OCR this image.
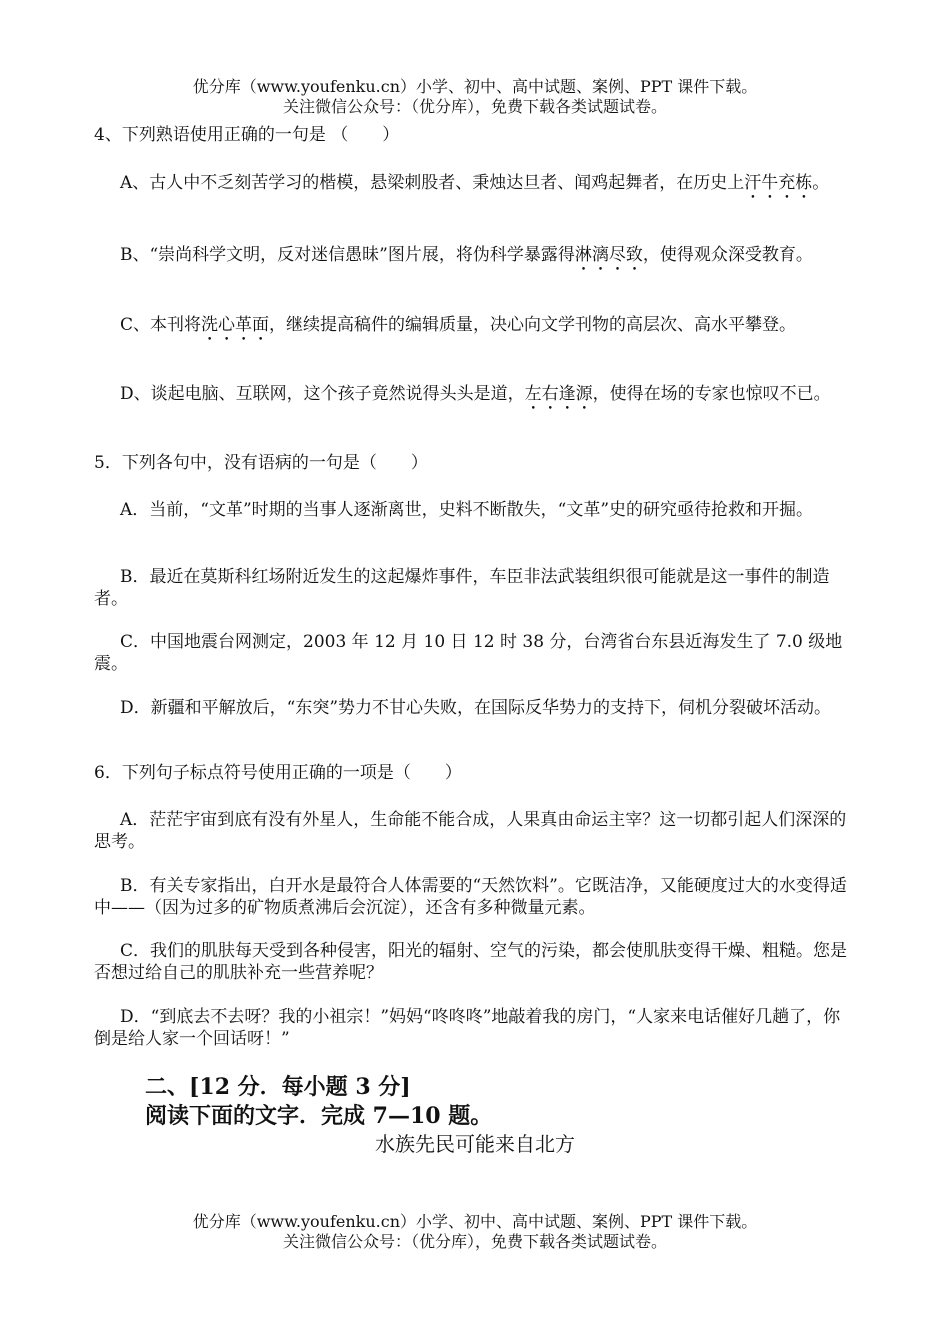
优分库（www.youfenku.cn）小学、初中、高中试题、案例、PPT 课件下载。
关注微信公众号：（优分库），免费下载各类试题试卷。

4、下列熟语使用正确的一句是 （　　）

A、古人中不乏刻苦学习的楷模，悬梁刺股者、秉烛达旦者、闻鸡起舞者，在历史上汗牛充栋。

B、“崇尚科学文明，反对迷信愚昧”图片展，将伪科学暴露得淋漓尽致，使得观众深受教育。

C、本刊将洗心革面，继续提高稿件的编辑质量，决心向文学刊物的高层次、高水平攀登。

D、谈起电脑、互联网，这个孩子竟然说得头头是道，左右逢源，使得在场的专家也惊叹不已。

5．下列各句中，没有语病的一句是（　　）

A．当前，“文革”时期的当事人逐渐离世，史料不断散失，“文革”史的研究亟待抢救和开掘。

B．最近在莫斯科红场附近发生的这起爆炸事件，车臣非法武装组织很可能就是这一事件的制造者。

C．中国地震台网测定，2003 年 12 月 10 日 12 时 38 分，台湾省台东县近海发生了 7.0 级地震。

D．新疆和平解放后，“东突”势力不甘心失败，在国际反华势力的支持下，伺机分裂破坏活动。

6．下列句子标点符号使用正确的一项是（　　）

A．茫茫宇宙到底有没有外星人，生命能不能合成，人果真由命运主宰？这一切都引起人们深深的思考。

B．有关专家指出，白开水是最符合人体需要的“天然饮料”。它既洁净，又能硬度过大的水变得适中——（因为过多的矿物质煮沸后会沉淀），还含有多种微量元素。

C．我们的肌肤每天受到各种侵害，阳光的辐射、空气的污染，都会使肌肤变得干燥、粗糙。您是否想过给自己的肌肤补充一些营养呢？

D．“到底去不去呀？我的小祖宗！”妈妈“咚咚咚”地敲着我的房门，“人家来电话催好几趟了，你倒是给人家一个回话呀！”

二、[12 分．每小题 3 分]
阅读下面的文字．完成 7—10 题。
水族先民可能来自北方
优分库（www.youfenku.cn）小学、初中、高中试题、案例、PPT 课件下载。
关注微信公众号：（优分库），免费下载各类试题试卷。
